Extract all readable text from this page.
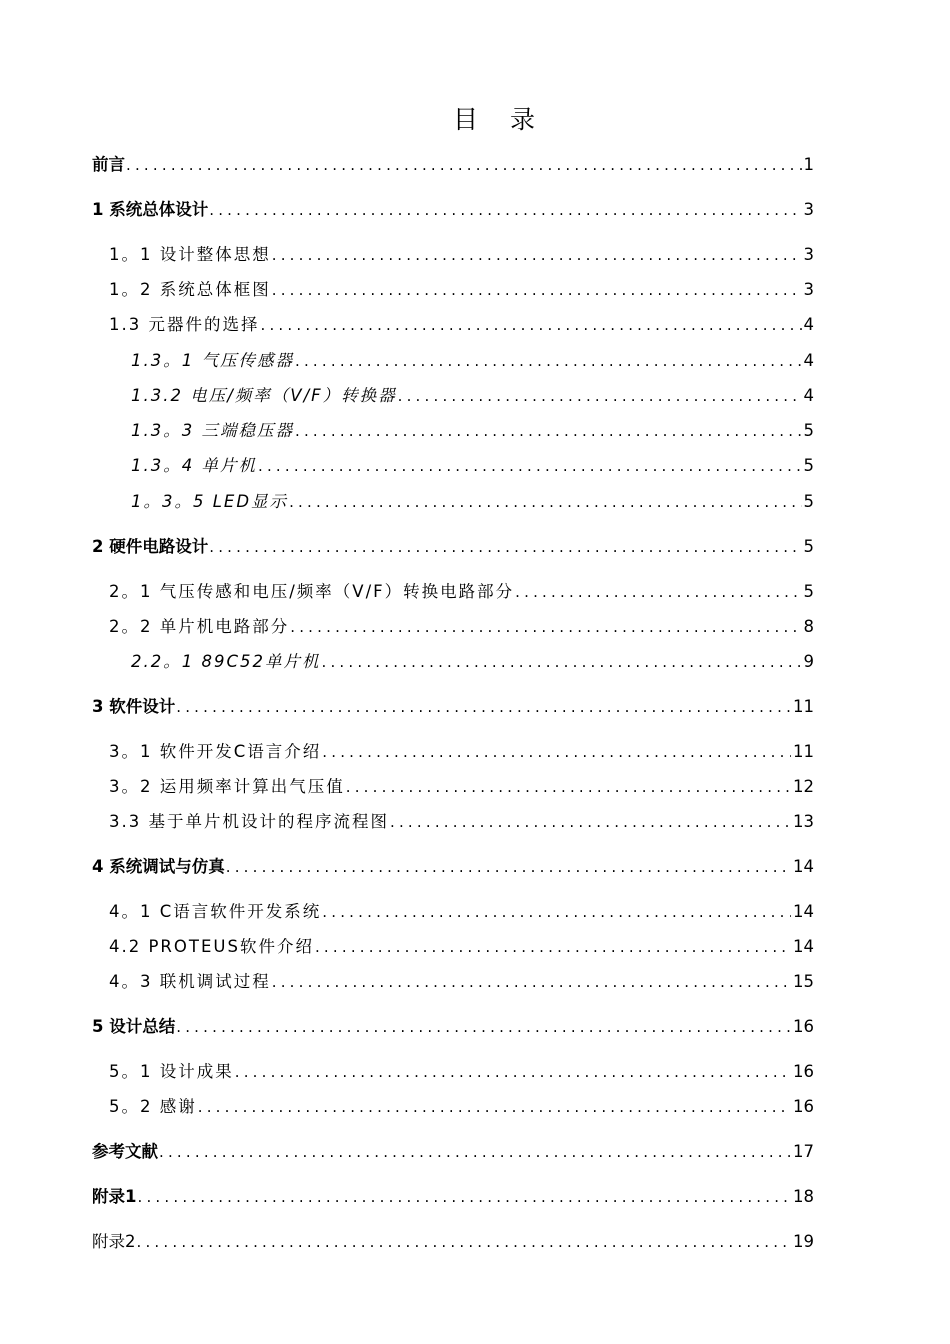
目 录
前言 .....	1
1 系统总体设计 .....	3
1。1 设计整体思想 .....	3
1。2 系统总体框图 .....	3
1.3 元器件的选择 .....	4
1.3。1 气压传感器 .....	4
1.3.2 电压/频率（V/F）转换器 .....	4
1.3。3 三端稳压器 .....	5
1.3。4 单片机 .....	5
1。3。5 LED显示 .....	5
2 硬件电路设计 .....	5
2。1 气压传感和电压/频率（V/F）转换电路部分 .....	5
2。2 单片机电路部分 .....	8
2.2。1 89C52单片机 .....	9
3 软件设计 .....	11
3。1 软件开发C语言介绍 .....	11
3。2 运用频率计算出气压值 .....	12
3.3 基于单片机设计的程序流程图 .....	13
4 系统调试与仿真 .....	14
4。1 C语言软件开发系统 .....	14
4.2 PROTEUS软件介绍 .....	14
4。3 联机调试过程 .....	15
5 设计总结 .....	16
5。1 设计成果 .....	16
5。2 感谢 .....	16
参考文献 .....	17
附录1 .....	18
附录2 .....	19
